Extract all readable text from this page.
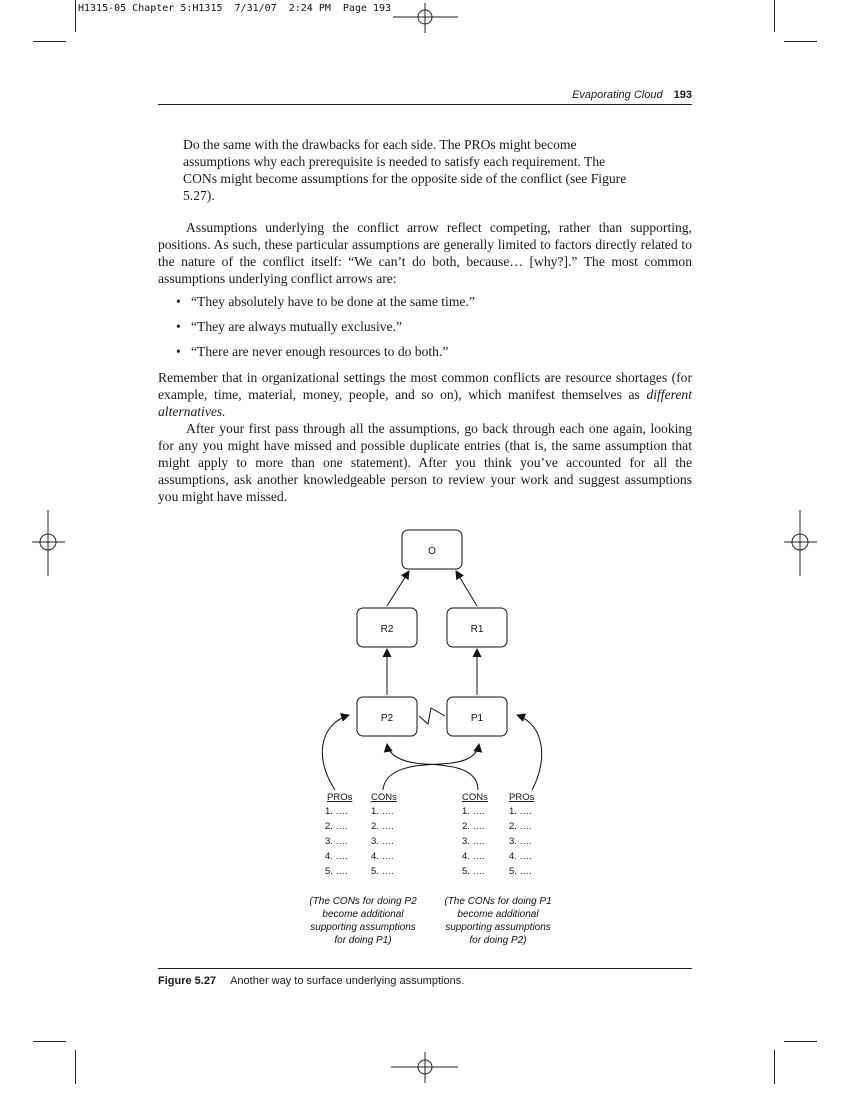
H1315-05 Chapter 5:H1315  7/31/07  2:24 PM  Page 193
Evaporating Cloud 193
Do the same with the drawbacks for each side. The PROs might become assumptions why each prerequisite is needed to satisfy each requirement. The CONs might become assumptions for the opposite side of the conflict (see Figure 5.27).
Assumptions underlying the conflict arrow reflect competing, rather than supporting, positions. As such, these particular assumptions are generally limited to factors directly related to the nature of the conflict itself: “We can’t do both, because… [why?].” The most common assumptions underlying conflict arrows are:
• “They absolutely have to be done at the same time.”
• “They are always mutually exclusive.”
• “There are never enough resources to do both.”
Remember that in organizational settings the most common conflicts are resource shortages (for example, time, material, money, people, and so on), which manifest themselves as different alternatives.
After your first pass through all the assumptions, go back through each one again, looking for any you might have missed and possible duplicate entries (that is, the same assumption that might apply to more than one statement). After you think you’ve accounted for all the assumptions, ask another knowledgeable person to review your work and suggest assumptions you might have missed.
O
R2	R1
P2	P1
PROs CONs	CONs PROs
1. ….
2. ….
3. ….
4. ….
5. ….
1. ….
2. ….
3. ….
4. ….
5. ….
1. ….
2. ….
3. ….
4. ….
5. ….
1. ….
2. ….
3. ….
4. ….
5. ….
(The CONs for doing P2
become additional
supporting assumptions
for doing P1)
(The CONs for doing P1
become additional
supporting assumptions
for doing P2)
Figure 5.27 Another way to surface underlying assumptions.
